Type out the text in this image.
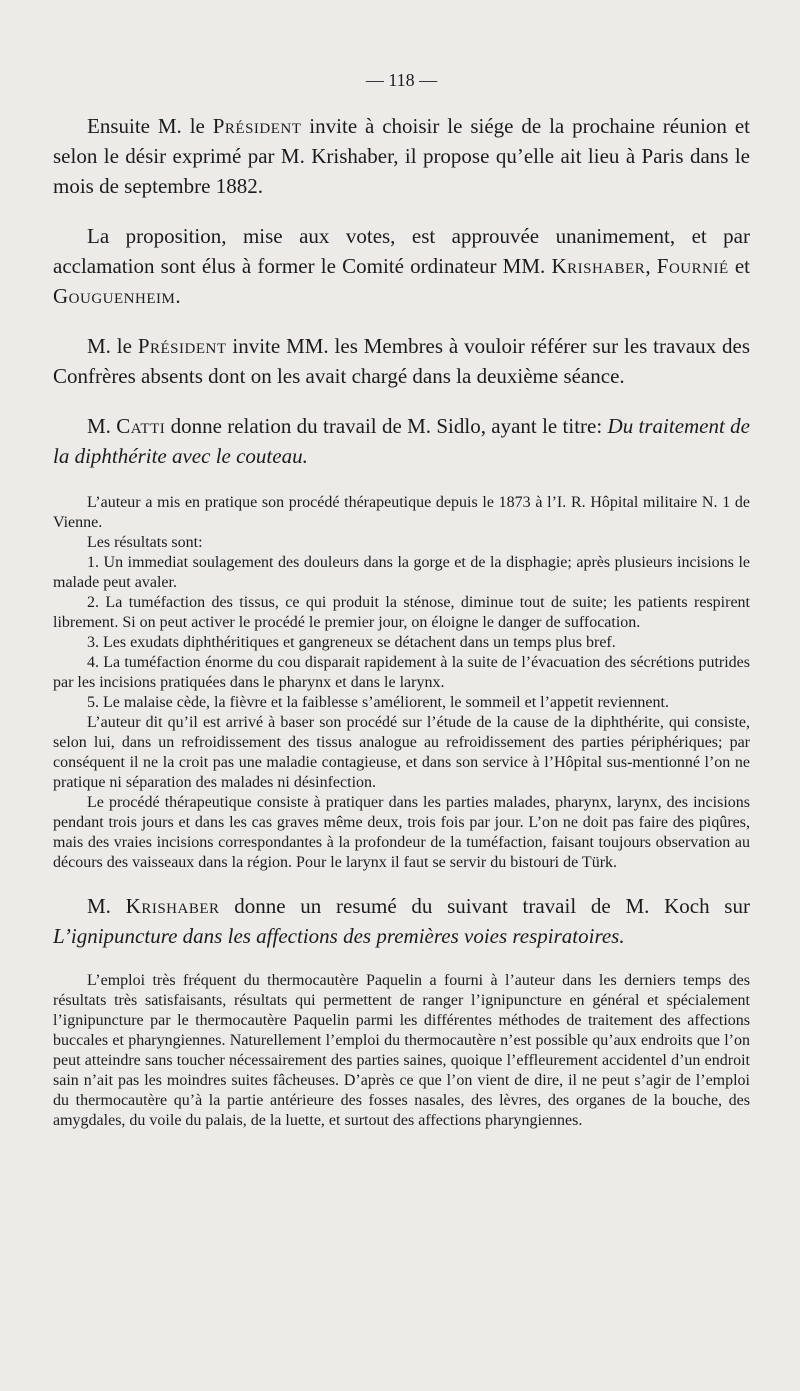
— 118 —

Ensuite M. le Président invite à choisir le siége de la prochaine réunion et selon le désir exprimé par M. Krishaber, il propose qu’elle ait lieu à Paris dans le mois de septembre 1882.

La proposition, mise aux votes, est approuvée unanimement, et par acclamation sont élus à former le Comité ordinateur MM. Krishaber, Fournié et Gouguenheim.

M. le Président invite MM. les Membres à vouloir référer sur les travaux des Confrères absents dont on les avait chargé dans la deuxième séance.

M. Catti donne relation du travail de M. Sidlo, ayant le titre: Du traitement de la diphthérite avec le couteau.

L’auteur a mis en pratique son procédé thérapeutique depuis le 1873 à l’I. R. Hôpital militaire N. 1 de Vienne.

Les résultats sont:

1. Un immediat soulagement des douleurs dans la gorge et de la disphagie; après plusieurs incisions le malade peut avaler.

2. La tuméfaction des tissus, ce qui produit la sténose, diminue tout de suite; les patients respirent librement. Si on peut activer le procédé le premier jour, on éloigne le danger de suffocation.

3. Les exudats diphthéritiques et gangreneux se détachent dans un temps plus bref.

4. La tuméfaction énorme du cou disparait rapidement à la suite de l’évacuation des sécrétions putrides par les incisions pratiquées dans le pharynx et dans le larynx.

5. Le malaise cède, la fièvre et la faiblesse s’améliorent, le sommeil et l’appetit reviennent.

L’auteur dit qu’il est arrivé à baser son procédé sur l’étude de la cause de la diphthérite, qui consiste, selon lui, dans un refroidissement des tissus analogue au refroidissement des parties périphériques; par conséquent il ne la croit pas une maladie contagieuse, et dans son service à l’Hôpital sus-mentionné l’on ne pratique ni séparation des malades ni désinfection.

Le procédé thérapeutique consiste à pratiquer dans les parties malades, pharynx, larynx, des incisions pendant trois jours et dans les cas graves même deux, trois fois par jour. L’on ne doit pas faire des piqûres, mais des vraies incisions correspondantes à la profondeur de la tuméfaction, faisant toujours observation au décours des vaisseaux dans la région. Pour le larynx il faut se servir du bistouri de Türk.

M. Krishaber donne un resumé du suivant travail de M. Koch sur L’ignipuncture dans les affections des premières voies respiratoires.

L’emploi très fréquent du thermocautère Paquelin a fourni à l’auteur dans les derniers temps des résultats très satisfaisants, résultats qui permettent de ranger l’ignipuncture en général et spécialement l’ignipuncture par le thermocautère Paquelin parmi les différentes méthodes de traitement des affections buccales et pharyngiennes. Naturellement l’emploi du thermocautère n’est possible qu’aux endroits que l’on peut atteindre sans toucher nécessairement des parties saines, quoique l’effleurement accidentel d’un endroit sain n’ait pas les moindres suites fâcheuses. D’après ce que l’on vient de dire, il ne peut s’agir de l’emploi du thermocautère qu’à la partie antérieure des fosses nasales, des lèvres, des organes de la bouche, des amygdales, du voile du palais, de la luette, et surtout des affections pharyngiennes.
